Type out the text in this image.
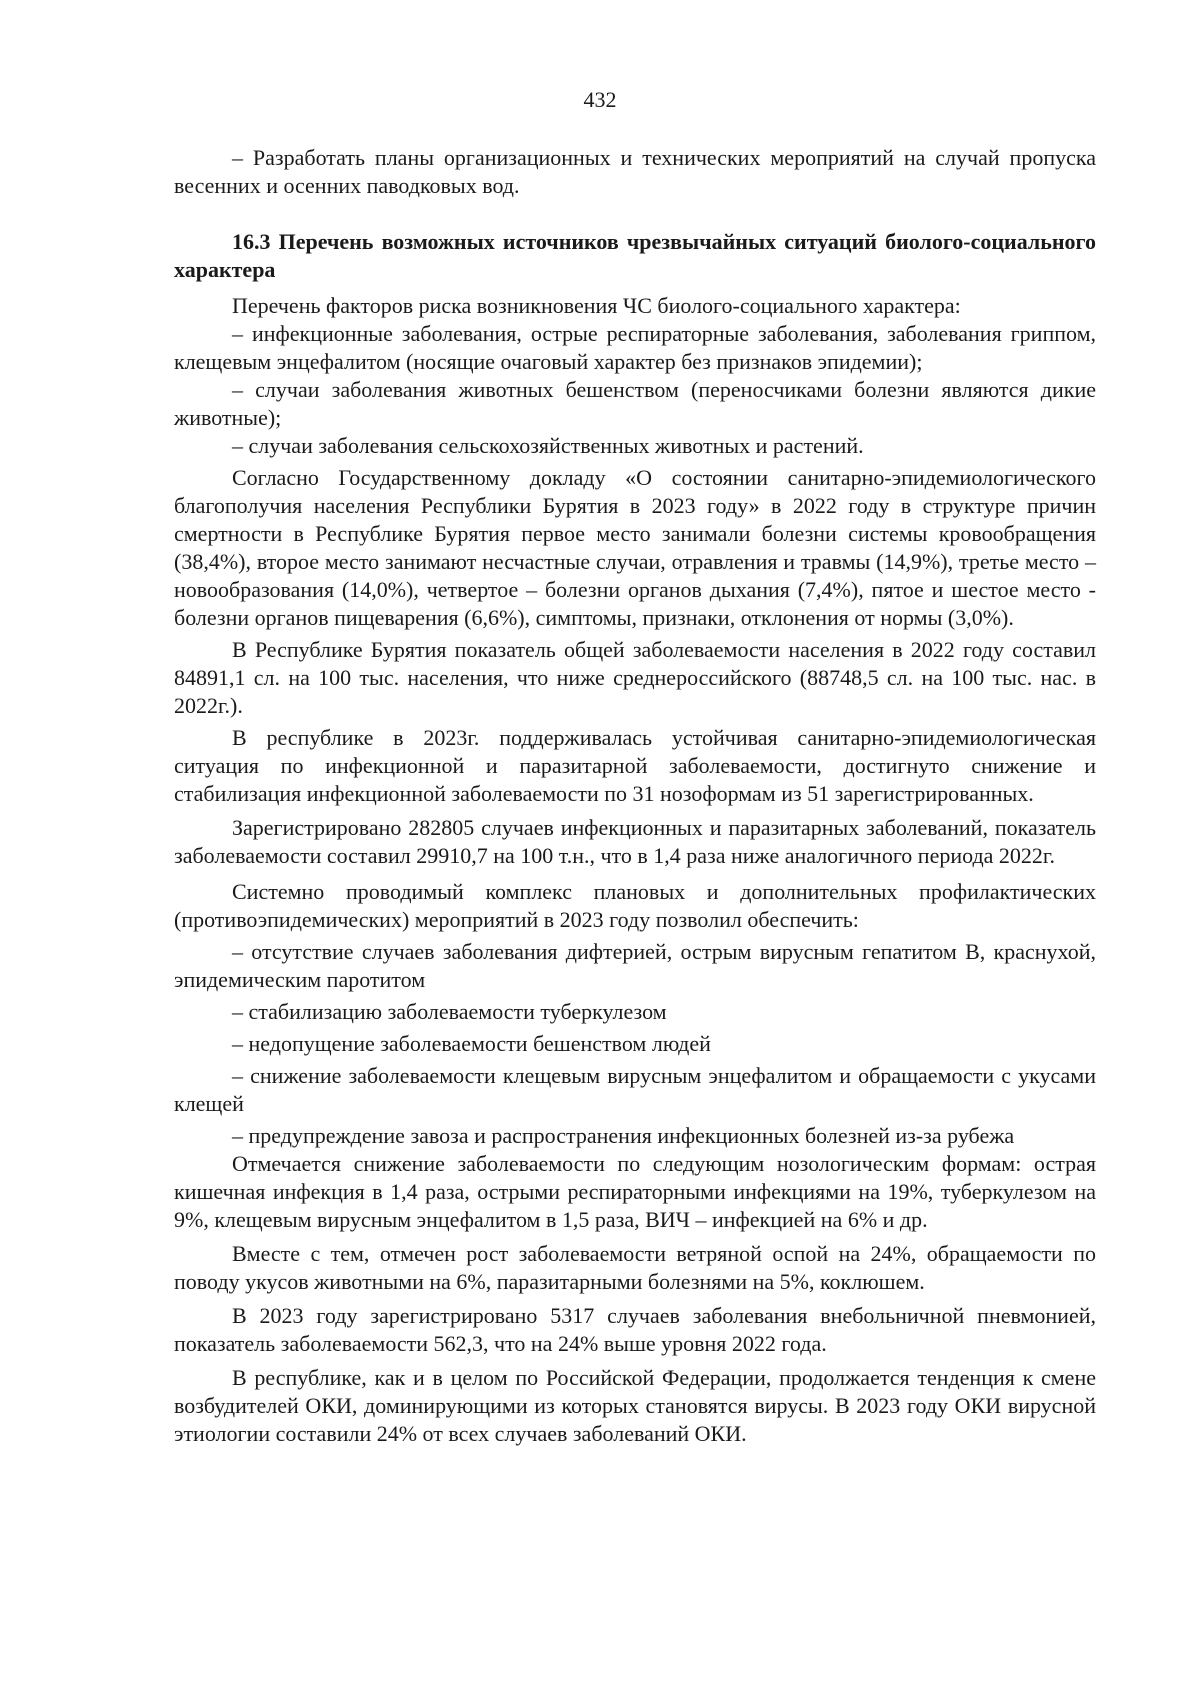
432

– Разработать планы организационных и технических мероприятий на случай пропуска весенних и осенних паводковых вод.

16.3 Перечень возможных источников чрезвычайных ситуаций биолого-социального характера

Перечень факторов риска возникновения ЧС биолого-социального характера:

– инфекционные заболевания, острые респираторные заболевания, заболевания гриппом, клещевым энцефалитом (носящие очаговый характер без признаков эпидемии);

– случаи заболевания животных бешенством (переносчиками болезни являются дикие животные);

– случаи заболевания сельскохозяйственных животных и растений.

Согласно Государственному докладу «О состоянии санитарно-эпидемиологического благополучия населения Республики Бурятия в 2023 году» в 2022 году в структуре причин смертности в Республике Бурятия первое место занимали болезни системы кровообращения (38,4%), второе место занимают несчастные случаи, отравления и травмы (14,9%), третье место – новообразования (14,0%), четвертое – болезни органов дыхания (7,4%), пятое и шестое место - болезни органов пищеварения (6,6%), симптомы, признаки, отклонения от нормы (3,0%).

В Республике Бурятия показатель общей заболеваемости населения в 2022 году составил 84891,1 сл. на 100 тыс. населения, что ниже среднероссийского (88748,5 сл. на 100 тыс. нас. в 2022г.).

В республике в 2023г. поддерживалась устойчивая санитарно-эпидемиологическая ситуация по инфекционной и паразитарной заболеваемости, достигнуто снижение и стабилизация инфекционной заболеваемости по 31 нозоформам из 51 зарегистрированных.

Зарегистрировано 282805 случаев инфекционных и паразитарных заболеваний, показатель заболеваемости составил 29910,7 на 100 т.н., что в 1,4 раза ниже аналогичного периода 2022г.

Системно проводимый комплекс плановых и дополнительных профилактических (противоэпидемических) мероприятий в 2023 году позволил обеспечить:

– отсутствие случаев заболевания дифтерией, острым вирусным гепатитом В, краснухой, эпидемическим паротитом

– стабилизацию заболеваемости туберкулезом

– недопущение заболеваемости бешенством людей

– снижение заболеваемости клещевым вирусным энцефалитом и обращаемости с укусами клещей

– предупреждение завоза и распространения инфекционных болезней из-за рубежа

Отмечается снижение заболеваемости по следующим нозологическим формам: острая кишечная инфекция в 1,4 раза, острыми респираторными инфекциями на 19%, туберкулезом на 9%, клещевым вирусным энцефалитом в 1,5 раза, ВИЧ – инфекцией на 6% и др.

Вместе с тем, отмечен рост заболеваемости ветряной оспой на 24%, обращаемости по поводу укусов животными на 6%, паразитарными болезнями на 5%, коклюшем.

В 2023 году зарегистрировано 5317 случаев заболевания внебольничной пневмонией, показатель заболеваемости 562,3, что на 24% выше уровня 2022 года.

В республике, как и в целом по Российской Федерации, продолжается тенденция к смене возбудителей ОКИ, доминирующими из которых становятся вирусы. В 2023 году ОКИ вирусной этиологии составили 24% от всех случаев заболеваний ОКИ.
